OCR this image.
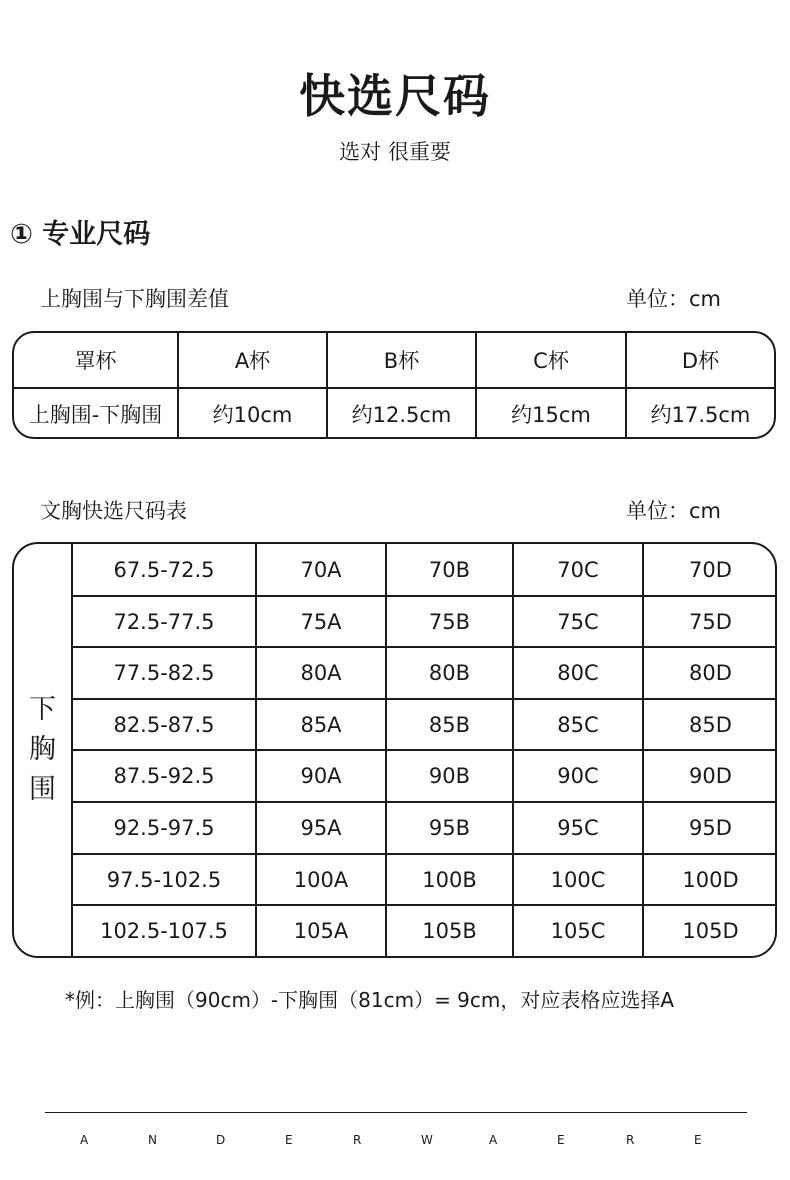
快选尺码
选对 很重要
① 专业尺码
上胸围与下胸围差值	单位：cm
罩杯	A杯	B杯	C杯	D杯
上胸围-下胸围	约10cm	约12.5cm	约15cm	约17.5cm
文胸快选尺码表	单位：cm
下
胸
围
67.5-72.5	70A	70B	70C	70D
72.5-77.5	75A	75B	75C	75D
77.5-82.5	80A	80B	80C	80D
82.5-87.5	85A	85B	85C	85D
87.5-92.5	90A	90B	90C	90D
92.5-97.5	95A	95B	95C	95D
97.5-102.5	100A	100B	100C	100D
102.5-107.5	105A	105B	105C	105D
*例：上胸围（90cm）-下胸围（81cm）= 9cm，对应表格应选择A
A	N	D	E	R	W	A	E	R	E
